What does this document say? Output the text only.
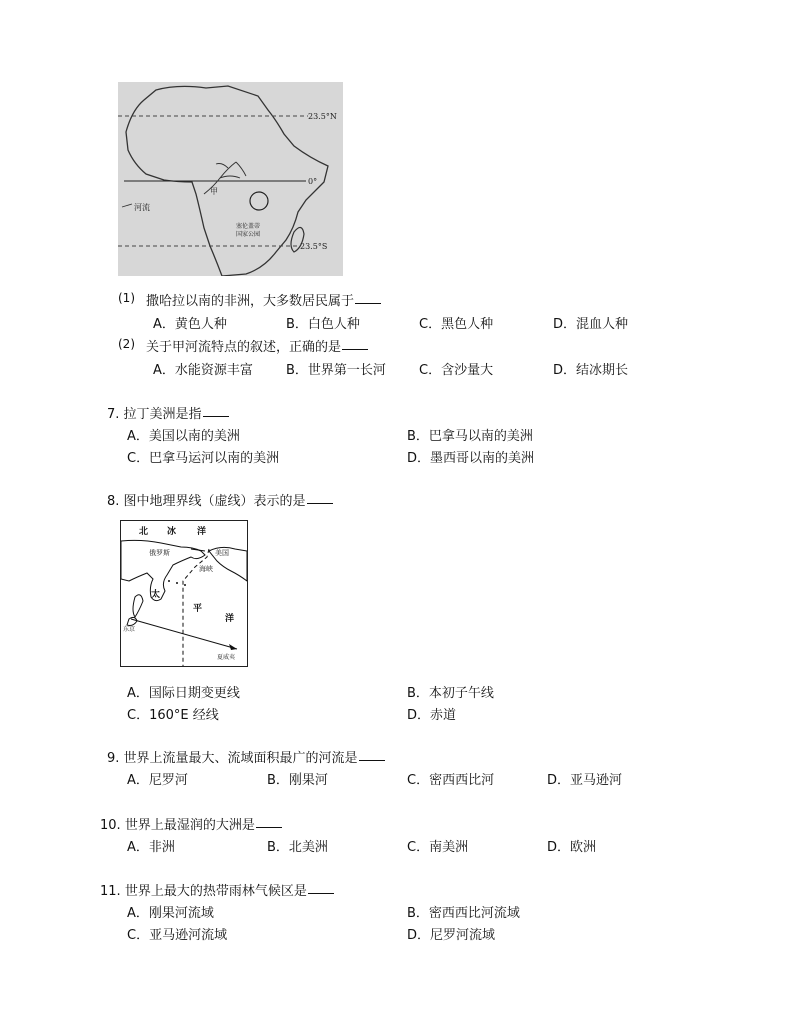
23.5°N
0°
23.5°S
甲
河流
塞伦盖蒂
国家公园
(1) 撒哈拉以南的非洲，大多数居民属于
A．黄色人种	B．白色人种	C．黑色人种	D．混血人种
(2) 关于甲河流特点的叙述，正确的是
A．水能资源丰富	B．世界第一长河	C．含沙量大	D．结冰期长
7. 拉丁美洲是指
A．美国以南的美洲	B．巴拿马以南的美洲
C．巴拿马运河以南的美洲	D．墨西哥以南的美洲
8. 图中地理界线（虚线）表示的是
北 冰 洋
俄罗斯	美国
海峡
太
平
洋
东京
夏威夷
A．国际日期变更线	B．本初子午线
C．160°E 经线	D．赤道
9. 世界上流量最大、流域面积最广的河流是
A．尼罗河	B．刚果河	C．密西西比河	D．亚马逊河
10. 世界上最湿润的大洲是
A．非洲	B．北美洲	C．南美洲	D．欧洲
11. 世界上最大的热带雨林气候区是
A．刚果河流域	B．密西西比河流域
C．亚马逊河流域	D．尼罗河流域
